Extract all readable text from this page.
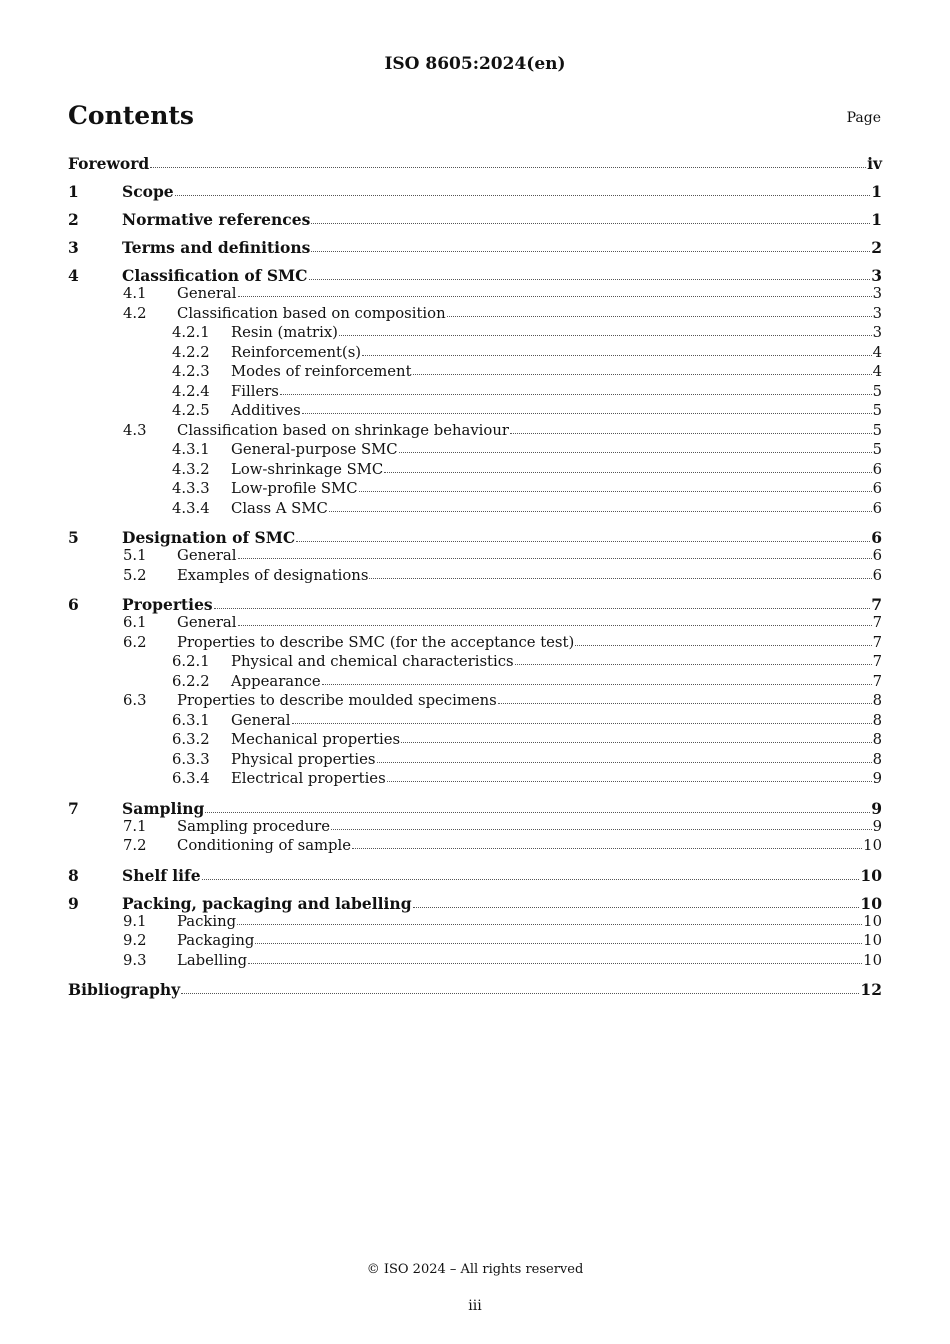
ISO 8605:2024(en)
Contents	Page
Foreword	iv
1	Scope	1
2	Normative references	1
3	Terms and definitions	2
4	Classification of SMC	3
4.1 General	3
4.2 Classification based on composition	3
4.2.1 Resin (matrix)	3
4.2.2 Reinforcement(s)	4
4.2.3 Modes of reinforcement	4
4.2.4 Fillers	5
4.2.5 Additives	5
4.3 Classification based on shrinkage behaviour	5
4.3.1 General-purpose SMC	5
4.3.2 Low-shrinkage SMC	6
4.3.3 Low-profile SMC	6
4.3.4 Class A SMC	6
5	Designation of SMC	6
5.1 General	6
5.2 Examples of designations	6
6	Properties	7
6.1 General	7
6.2 Properties to describe SMC (for the acceptance test)	7
6.2.1 Physical and chemical characteristics	7
6.2.2 Appearance	7
6.3 Properties to describe moulded specimens	8
6.3.1 General	8
6.3.2 Mechanical properties	8
6.3.3 Physical properties	8
6.3.4 Electrical properties	9
7	Sampling	9
7.1 Sampling procedure	9
7.2 Conditioning of sample	10
8	Shelf life	10
9	Packing, packaging and labelling	10
9.1 Packing	10
9.2 Packaging	10
9.3 Labelling	10
Bibliography	12
© ISO 2024 – All rights reserved
iii
